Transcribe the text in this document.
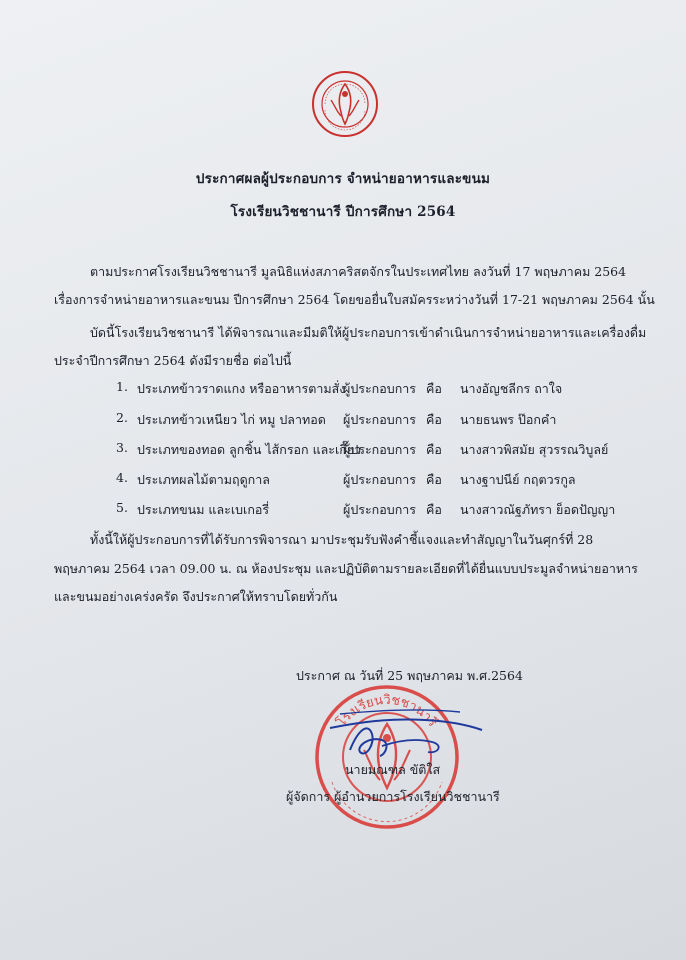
ประกาศผลผู้ประกอบการ จำหน่ายอาหารและขนม
โรงเรียนวิชชานารี ปีการศึกษา 2564
ตามประกาศโรงเรียนวิชชานารี มูลนิธิแห่งสภาคริสตจักรในประเทศไทย ลงวันที่ 17 พฤษภาคม 2564
เรื่องการจำหน่ายอาหารและขนม ปีการศึกษา 2564 โดยขอยื่นใบสมัครระหว่างวันที่ 17-21 พฤษภาคม 2564 นั้น
บัดนี้โรงเรียนวิชชานารี ได้พิจารณาและมีมติให้ผู้ประกอบการเข้าดำเนินการจำหน่ายอาหารและเครื่องดื่ม
ประจำปีการศึกษา 2564 ดังมีรายชื่อ ต่อไปนี้
1. ประเภทข้าวราดแกง หรืออาหารตามสั่ง
ผู้ประกอบการ คือ นางอัญชลีกร ถาใจ
2. ประเภทข้าวเหนียว ไก่ หมู ปลาทอด ผู้ประกอบการ คือ นายธนพร ป๊อกคำ
3. ประเภทของทอด ลูกชิ้น ไส้กรอก และเกี๊ยว
ผู้ประกอบการ คือ นางสาวพิสมัย สุวรรณวิบูลย์
4. ประเภทผลไม้ตามฤดูกาล	ผู้ประกอบการ คือ นางฐาปนีย์ กฤตวรกูล
5. ประเภทขนม และเบเกอรี่	ผู้ประกอบการ คือ นางสาวณัฐภัทรา ย็อดปัญญา
ทั้งนี้ให้ผู้ประกอบการที่ได้รับการพิจารณา มาประชุมรับฟังคำชี้แจงและทำสัญญาในวันศุกร์ที่ 28
พฤษภาคม 2564 เวลา 09.00 น. ณ ห้องประชุม และปฏิบัติตามรายละเอียดที่ได้ยื่นแบบประมูลจำหน่ายอาหาร
และขนมอย่างเคร่งครัด จึงประกาศให้ทราบโดยทั่วกัน
ประกาศ ณ วันที่ 25 พฤษภาคม พ.ศ.2564
โรงเรียนวิชชานารี
นายมณฑล ขัติใส
ผู้จัดการ ผู้อำนวยการโรงเรียนวิชชานารี
